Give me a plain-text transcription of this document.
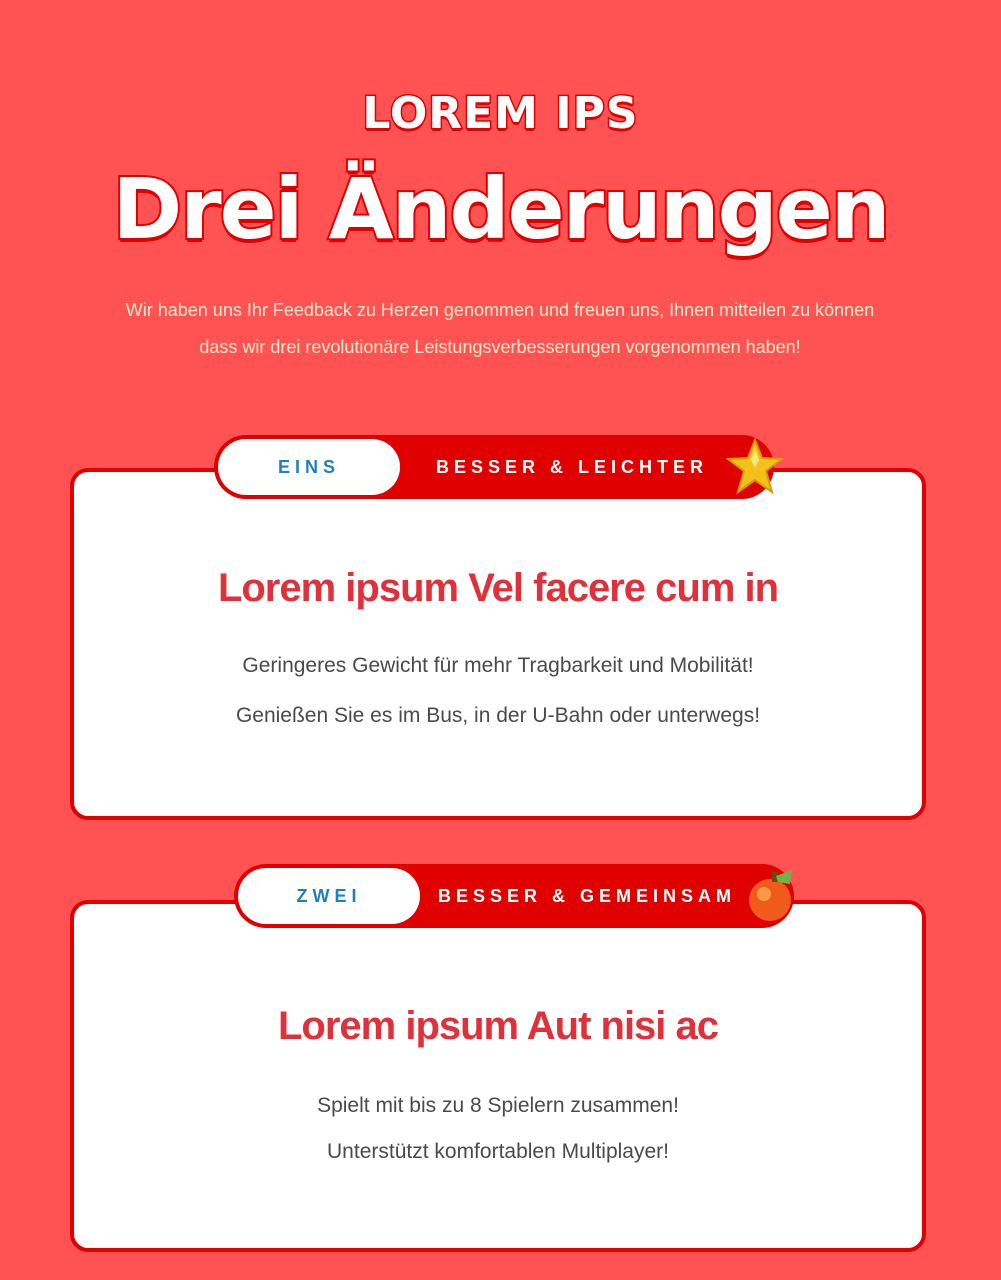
LOREM IPS
Drei Änderungen
Wir haben uns Ihr Feedback zu Herzen genommen und freuen uns, Ihnen mitteilen zu können
dass wir drei revolutionäre Leistungsverbesserungen vorgenommen haben!
Lorem ipsum Vel facere cum in
Geringeres Gewicht für mehr Tragbarkeit und Mobilität!
Genießen Sie es im Bus, in der U-Bahn oder unterwegs!
EINS	BESSER & LEICHTER
Lorem ipsum Aut nisi ac
Spielt mit bis zu 8 Spielern zusammen!
Unterstützt komfortablen Multiplayer!
ZWEI	BESSER & GEMEINSAM
